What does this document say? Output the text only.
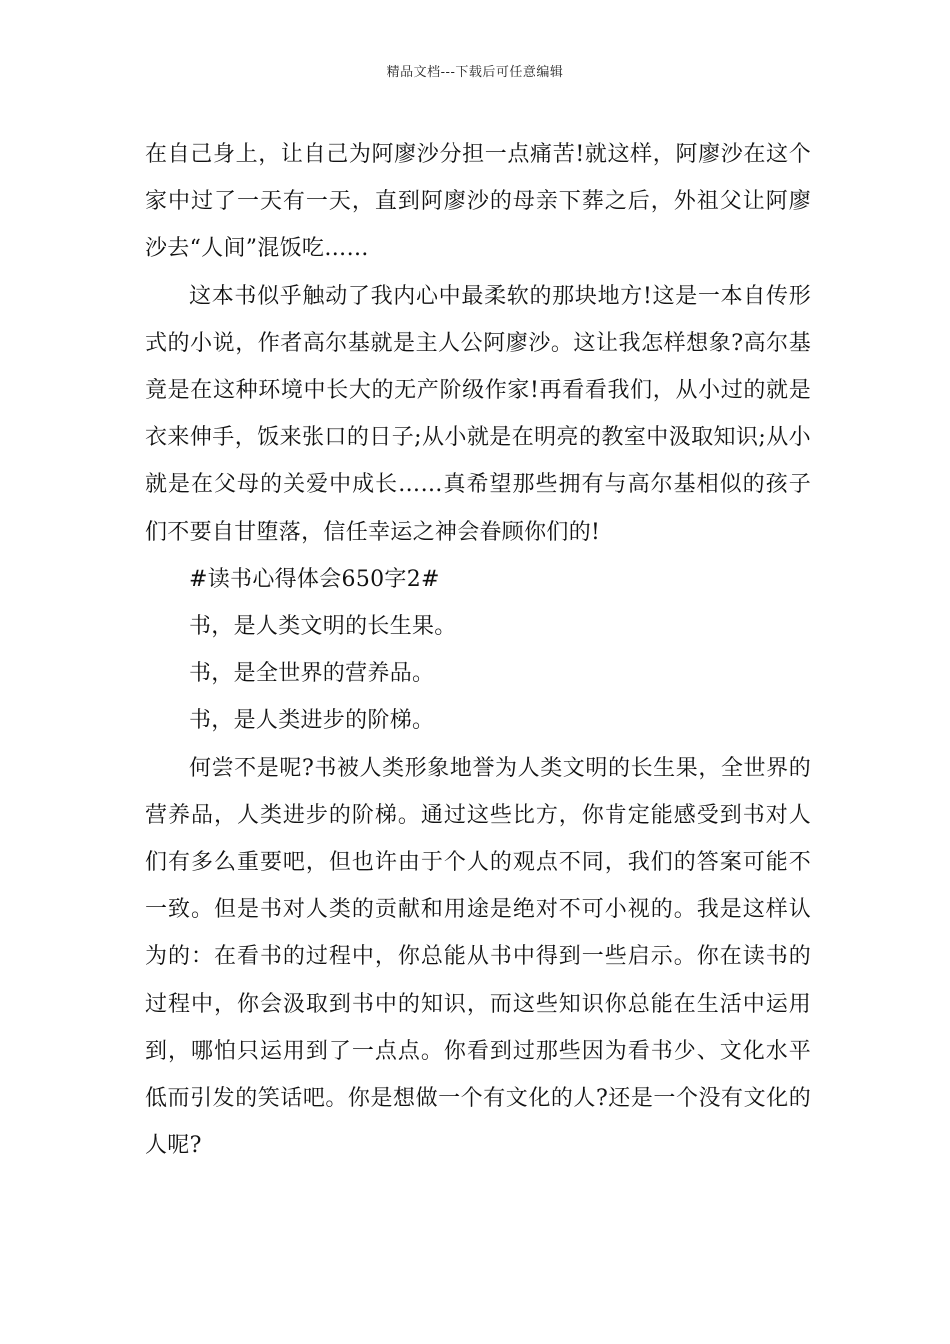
精品文档---下载后可任意编辑

在自己身上，让自己为阿廖沙分担一点痛苦!就这样，阿廖沙在这个家中过了一天有一天，直到阿廖沙的母亲下葬之后，外祖父让阿廖沙去“人间”混饭吃……

这本书似乎触动了我内心中最柔软的那块地方!这是一本自传形式的小说，作者高尔基就是主人公阿廖沙。这让我怎样想象?高尔基竟是在这种环境中长大的无产阶级作家!再看看我们，从小过的就是衣来伸手，饭来张口的日子;从小就是在明亮的教室中汲取知识;从小就是在父母的关爱中成长……真希望那些拥有与高尔基相似的孩子们不要自甘堕落，信任幸运之神会眷顾你们的!

#读书心得体会650字2#

书，是人类文明的长生果。

书，是全世界的营养品。

书，是人类进步的阶梯。

何尝不是呢?书被人类形象地誉为人类文明的长生果，全世界的营养品，人类进步的阶梯。通过这些比方，你肯定能感受到书对人们有多么重要吧，但也许由于个人的观点不同，我们的答案可能不一致。但是书对人类的贡献和用途是绝对不可小视的。我是这样认为的：在看书的过程中，你总能从书中得到一些启示。你在读书的过程中，你会汲取到书中的知识，而这些知识你总能在生活中运用到，哪怕只运用到了一点点。你看到过那些因为看书少、文化水平低而引发的笑话吧。你是想做一个有文化的人?还是一个没有文化的人呢?
